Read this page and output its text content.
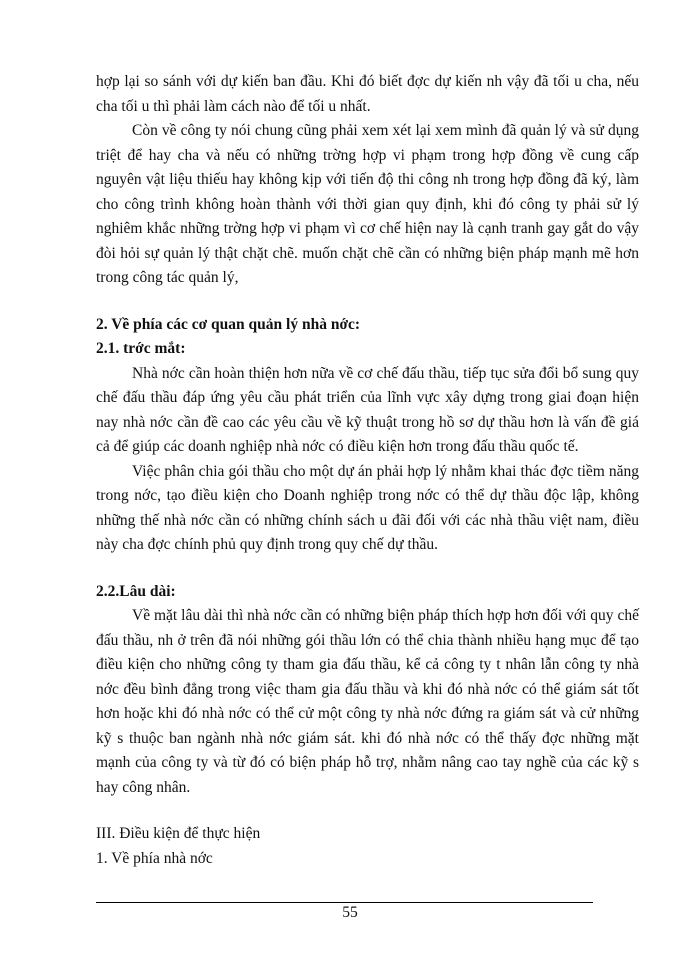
hợp lại so sánh với dự kiến ban đầu. Khi đó biết đợc dự kiến nh vậy đã tối u cha, nếu cha tối u thì phải làm cách nào để tối u nhất.

Còn về công ty nói chung cũng phải xem xét lại xem mình đã quản lý và sử dụng triệt để hay cha và nếu có những trờng hợp vi phạm trong hợp đồng về cung cấp nguyên vật liệu thiếu hay không kịp với tiến độ thi công nh trong hợp đồng đã ký, làm cho công trình không hoàn thành với thời gian quy định, khi đó công ty phải sử lý nghiêm khắc những trờng hợp vi phạm vì cơ chế hiện nay là cạnh tranh gay gắt do vậy đòi hỏi sự quản lý thật chặt chẽ. muốn chặt chẽ cần có những biện pháp mạnh mẽ hơn trong công tác quản lý,

2. Về phía các cơ quan quản lý nhà nớc:

2.1. trớc mắt:

Nhà nớc cần hoàn thiện hơn nữa về cơ chế đấu thầu, tiếp tục sửa đổi bổ sung quy chế đấu thầu đáp ứng yêu cầu phát triển của lĩnh vực xây dựng trong giai đoạn hiện nay nhà nớc cần đề cao các yêu cầu về kỹ thuật trong hồ sơ dự thầu hơn là vấn đề giá cả để giúp các doanh nghiệp nhà nớc có điều kiện hơn trong đấu thầu quốc tế.

Việc phân chia gói thầu cho một dự án phải hợp lý nhằm khai thác đợc tiềm năng trong nớc, tạo điều kiện cho Doanh nghiệp trong nớc có thể dự thầu độc lập, không những thế nhà nớc cần có những chính sách u đãi đối với các nhà thầu việt nam, điều này cha đợc chính phủ quy định trong quy chế dự thầu.

2.2.Lâu dài:

Về mặt lâu dài thì nhà nớc cần có những biện pháp thích hợp hơn đối với quy chế đấu thầu, nh ở trên đã nói những gói thầu lớn có thể chia thành nhiều hạng mục để tạo điều kiện cho những công ty tham gia đấu thầu, kể cả công ty t nhân lẫn công ty nhà nớc đều bình đẳng trong việc tham gia đấu thầu và khi đó nhà nớc có thể giám sát tốt hơn hoặc khi đó nhà nớc có thể cử một công ty nhà nớc đứng ra giám sát và cử những kỹ s thuộc ban ngành nhà nớc giám sát. khi đó nhà nớc có thể thấy đợc những mặt mạnh của công ty và từ đó có biện pháp hỗ trợ, nhằm nâng cao tay nghề của các kỹ s hay công nhân.

III. Điều kiện để thực hiện

1. Về phía nhà nớc

55
